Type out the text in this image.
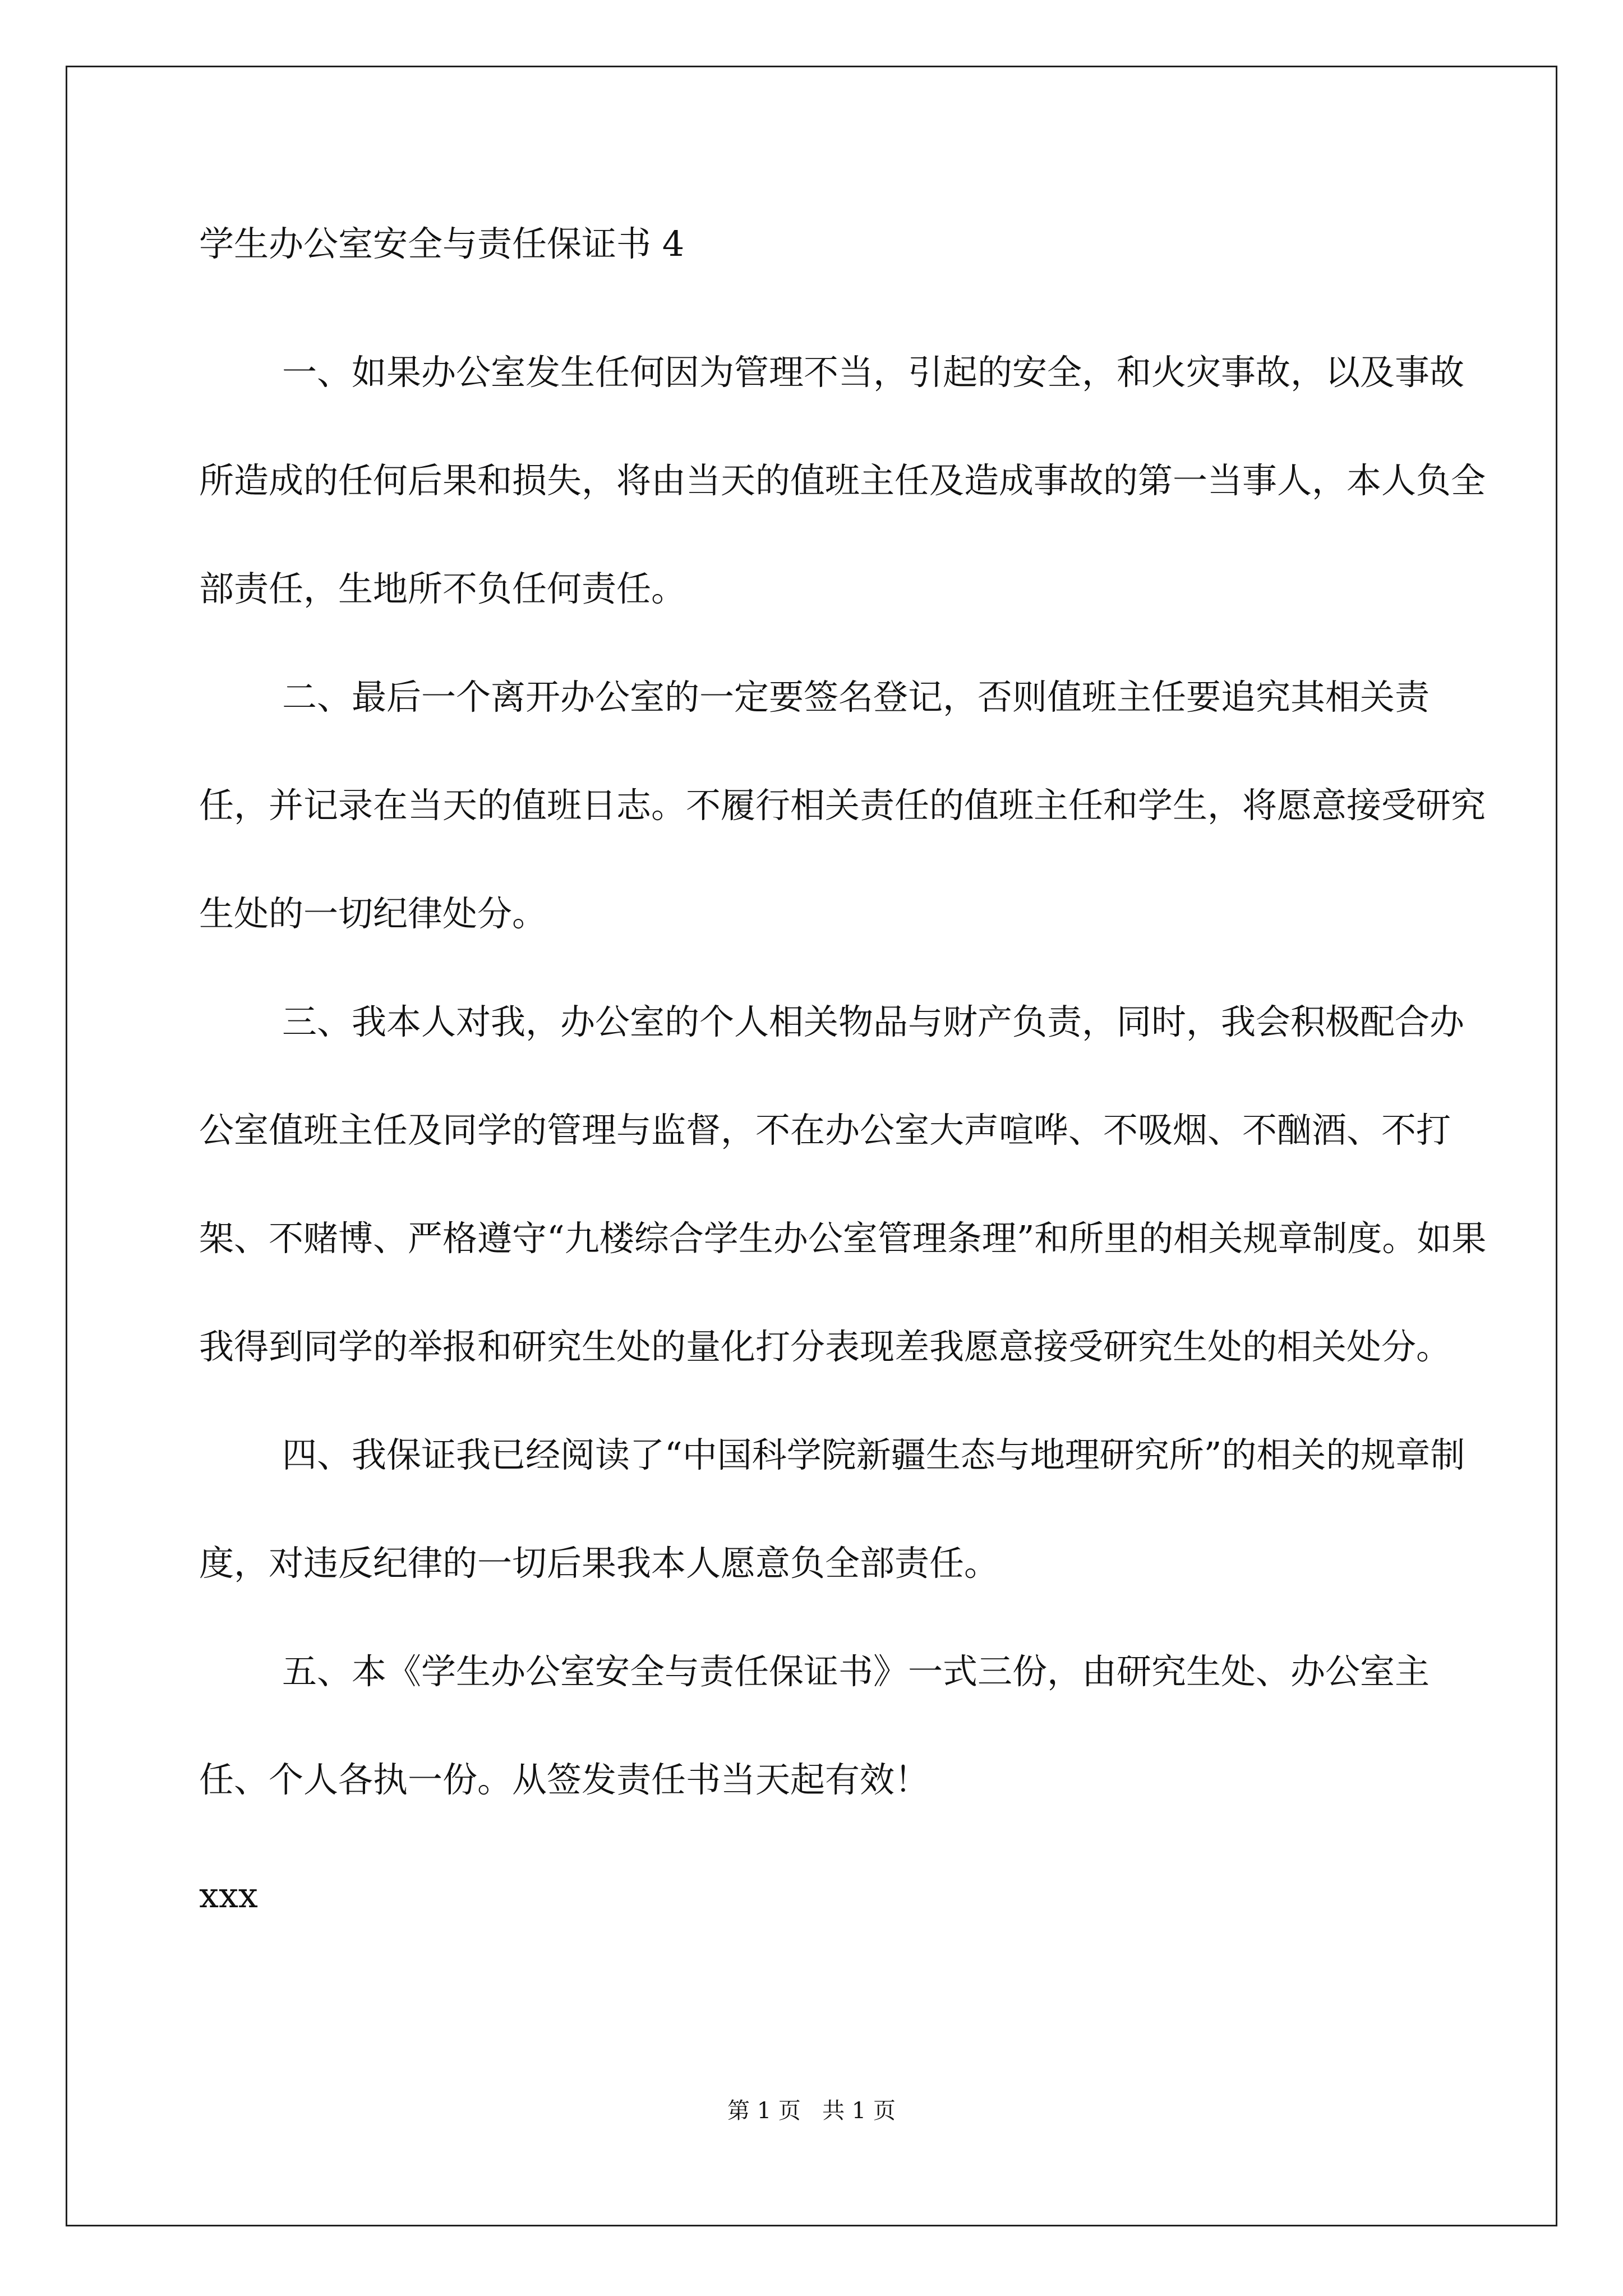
学生办公室安全与责任保证书 4

一、如果办公室发生任何因为管理不当，引起的安全，和火灾事故，以及事故所造成的任何后果和损失，将由当天的值班主任及造成事故的第一当事人，本人负全部责任，生地所不负任何责任。

二、最后一个离开办公室的一定要签名登记，否则值班主任要追究其相关责任，并记录在当天的值班日志。不履行相关责任的值班主任和学生，将愿意接受研究生处的一切纪律处分。

三、我本人对我，办公室的个人相关物品与财产负责，同时，我会积极配合办公室值班主任及同学的管理与监督，不在办公室大声喧哗、不吸烟、不酗酒、不打架、不赌博、严格遵守“九楼综合学生办公室管理条理”和所里的相关规章制度。如果我得到同学的举报和研究生处的量化打分表现差我愿意接受研究生处的相关处分。

四、我保证我已经阅读了“中国科学院新疆生态与地理研究所”的相关的规章制度，对违反纪律的一切后果我本人愿意负全部责任。

五、本《学生办公室安全与责任保证书》一式三份，由研究生处、办公室主任、个人各执一份。从签发责任书当天起有效！

xxx
第 1 页   共 1 页
